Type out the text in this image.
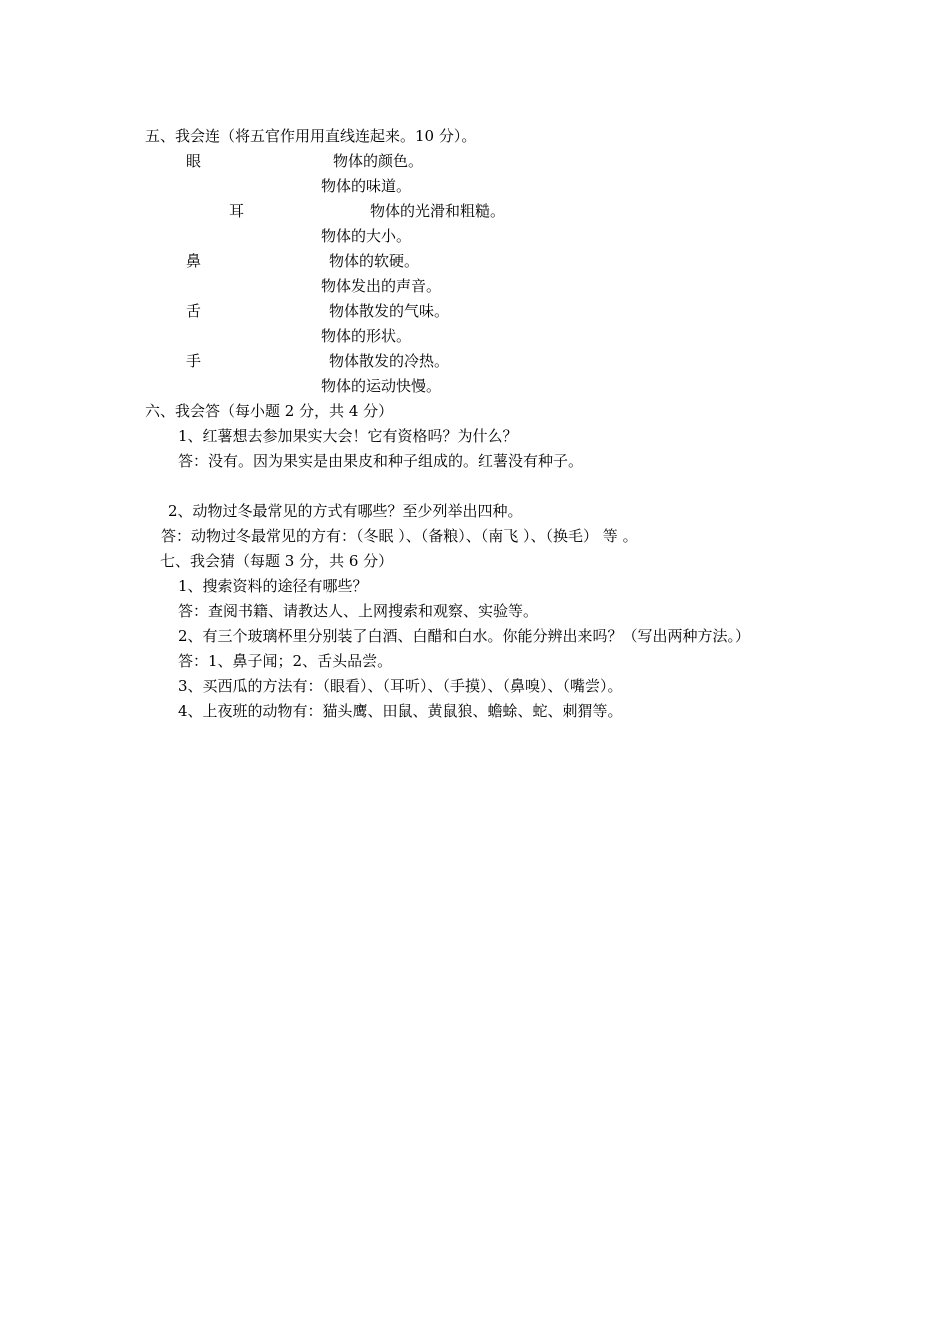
五、我会连（将五官作用用直线连起来。10 分）。
眼	物体的颜色。
物体的味道。
耳	物体的光滑和粗糙。
物体的大小。
鼻	物体的软硬。
物体发出的声音。
舌	物体散发的气味。
物体的形状。
手	物体散发的冷热。
物体的运动快慢。
六、我会答（每小题 2 分，共 4 分）
1、红薯想去参加果实大会！它有资格吗？为什么？
答：没有。因为果实是由果皮和种子组成的。红薯没有种子。
2、动物过冬最常见的方式有哪些？至少列举出四种。
答：动物过冬最常见的方有：（冬眠 ）、（备粮）、（南飞 ）、（换毛） 等 。
七、我会猜（每题 3 分，共 6 分）
1、搜索资料的途径有哪些？
答：查阅书籍、请教达人、上网搜索和观察、实验等。
2、有三个玻璃杯里分别装了白酒、白醋和白水。你能分辨出来吗？（写出两种方法。）
答：1、鼻子闻；2、舌头品尝。
3、买西瓜的方法有：（眼看）、（耳听）、（手摸）、（鼻嗅）、（嘴尝）。
4、上夜班的动物有：猫头鹰、田鼠、黄鼠狼、蟾蜍、蛇、刺猬等。
